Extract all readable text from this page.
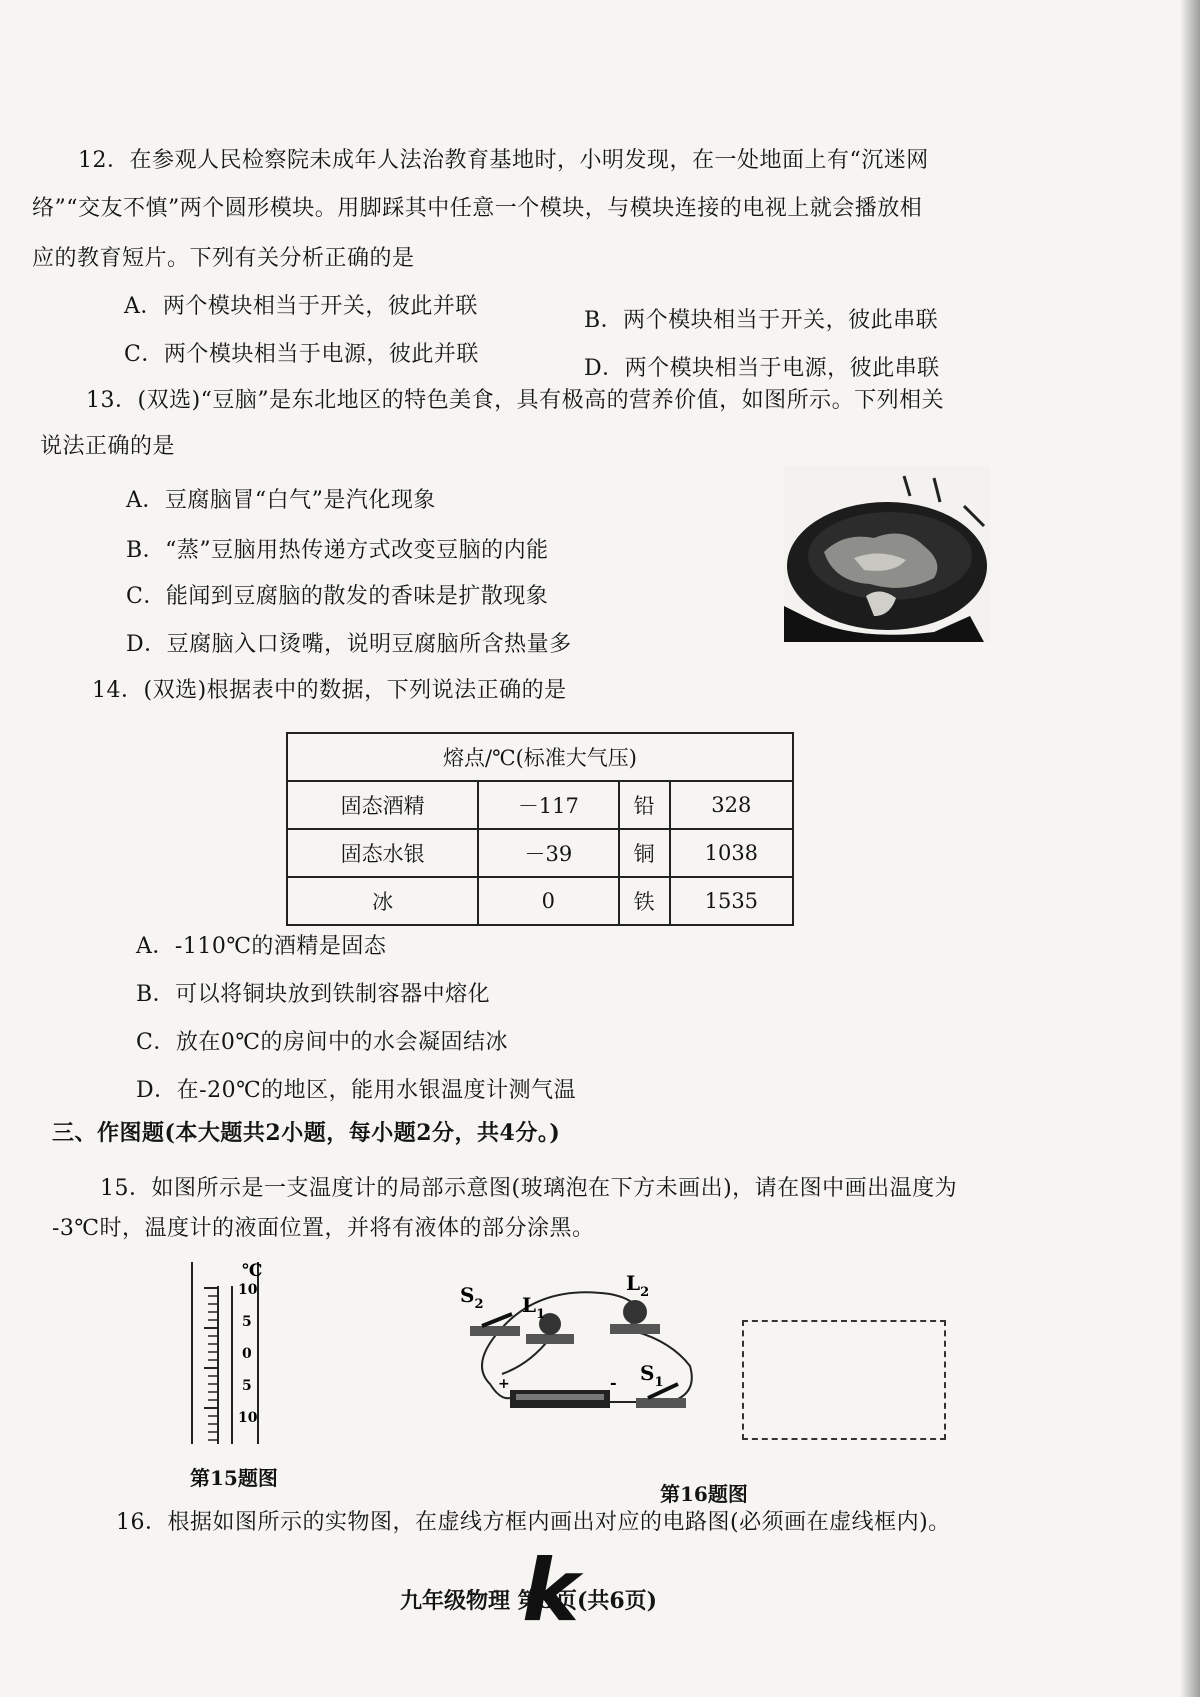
12．在参观人民检察院未成年人法治教育基地时，小明发现，在一处地面上有“沉迷网
络”“交友不慎”两个圆形模块。用脚踩其中任意一个模块，与模块连接的电视上就会播放相
应的教育短片。下列有关分析正确的是
A．两个模块相当于开关，彼此并联
B．两个模块相当于开关，彼此串联
C．两个模块相当于电源，彼此并联
D．两个模块相当于电源，彼此串联
13．(双选)“豆脑”是东北地区的特色美食，具有极高的营养价值，如图所示。下列相关
说法正确的是
A．豆腐脑冒“白气”是汽化现象
B．“蒸”豆脑用热传递方式改变豆脑的内能
C．能闻到豆腐脑的散发的香味是扩散现象
D．豆腐脑入口烫嘴，说明豆腐脑所含热量多
14．(双选)根据表中的数据，下列说法正确的是
熔点/℃(标准大气压)			
固态酒精	－117	铅	328
固态水银	－39	铜	1038
冰	0	铁	1535
A．-110℃的酒精是固态
B．可以将铜块放到铁制容器中熔化
C．放在0℃的房间中的水会凝固结冰
D．在-20℃的地区，能用水银温度计测气温
三、作图题(本大题共2小题，每小题2分，共4分。)
15．如图所示是一支温度计的局部示意图(玻璃泡在下方未画出)，请在图中画出温度为
-3℃时，温度计的液面位置，并将有液体的部分涂黑。
℃
10
5
0
5
10
+	-
$S_2$ $L_1$
$L_2$
$S_1$
第15题图
第16题图
16．根据如图所示的实物图，在虚线方框内画出对应的电路图(必须画在虚线框内)。
九年级物理 第3页(共6页)
k
